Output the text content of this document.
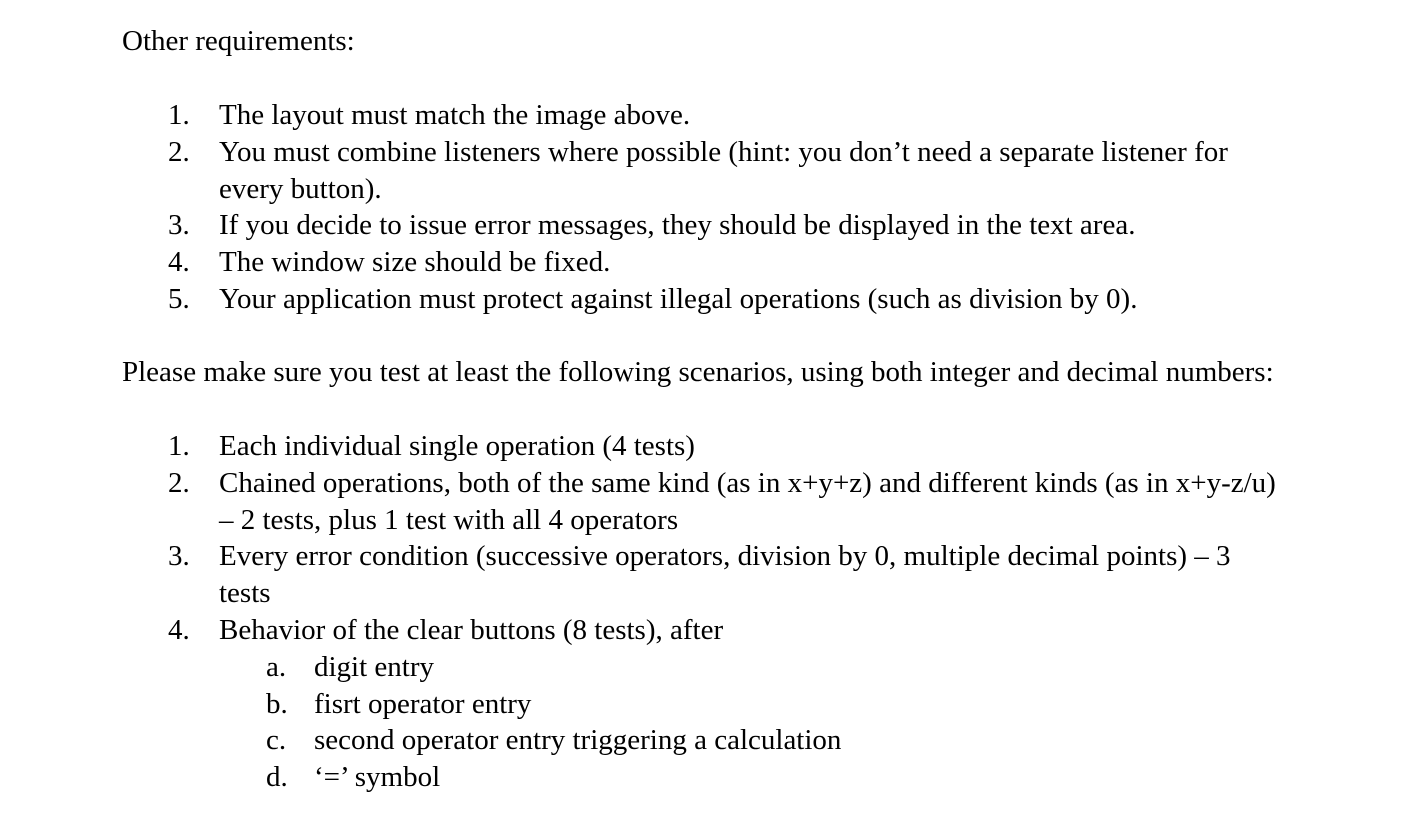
Other requirements:

1.	The layout must match the image above.
2.	You must combine listeners where possible (hint: you don’t need a separate listener for every button).
3.	If you decide to issue error messages, they should be displayed in the text area.
4.	The window size should be fixed.
5.	Your application must protect against illegal operations (such as division by 0).

Please make sure you test at least the following scenarios, using both integer and decimal numbers:

1.	Each individual single operation (4 tests)
2.	Chained operations, both of the same kind (as in x+y+z) and different kinds (as in x+y-z/u) – 2 tests, plus 1 test with all 4 operators
3.	Every error condition (successive operators, division by 0, multiple decimal points) – 3 tests
4.	Behavior of the clear buttons (8 tests), after
a. digit entry
b. fisrt operator entry
c. second operator entry triggering a calculation
d. ‘=’ symbol
